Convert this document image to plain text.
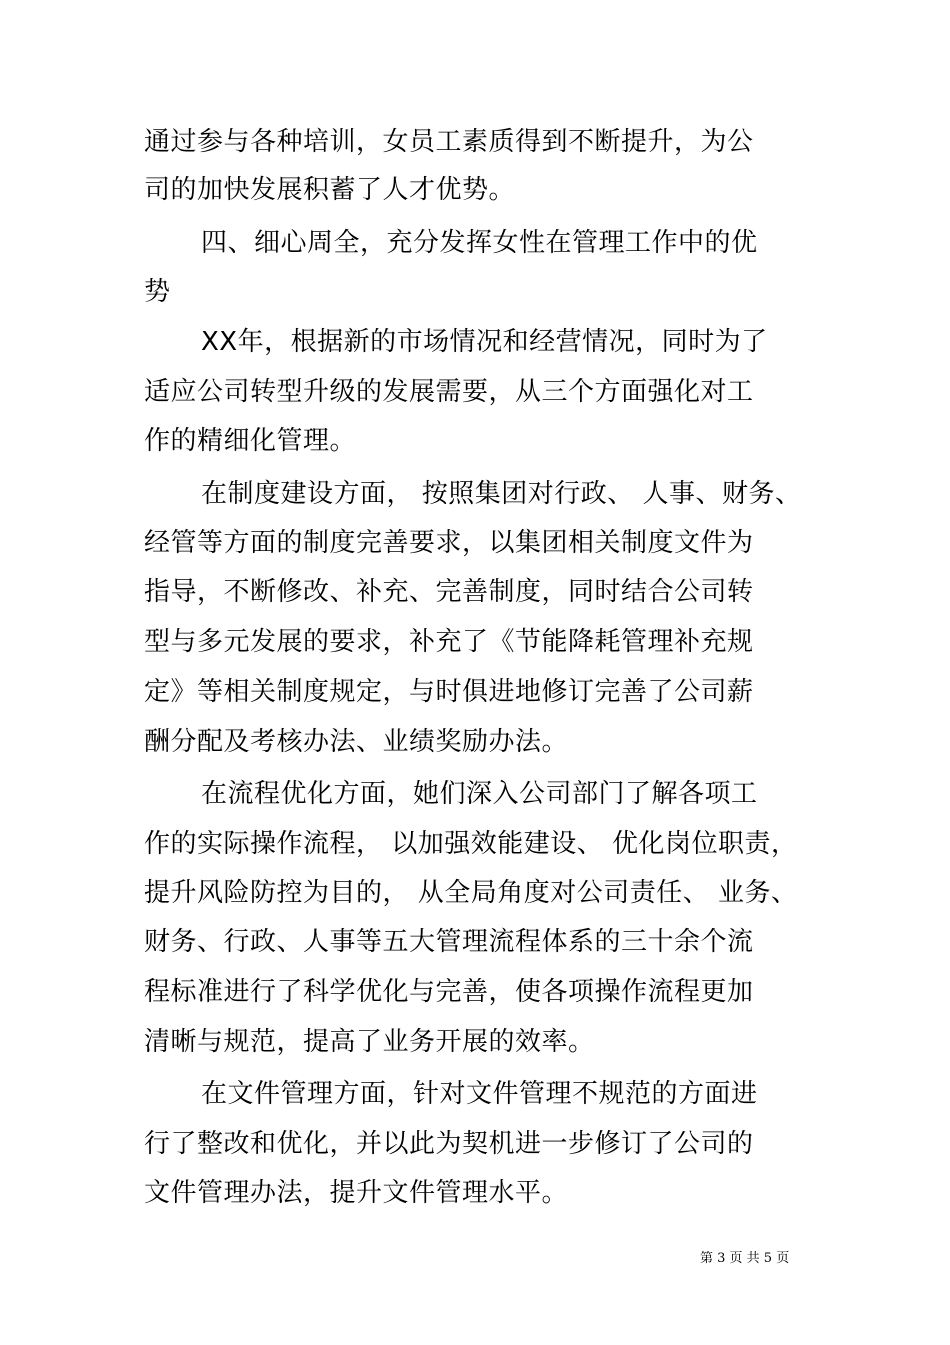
通过参与各种培训，女员工素质得到不断提升，为公
司的加快发展积蓄了人才优势。
四、细心周全，充分发挥女性在管理工作中的优
势
XX年，根据新的市场情况和经营情况，同时为了
适应公司转型升级的发展需要，从三个方面强化对工
作的精细化管理。
在制度建设方面， 按照集团对行政、 人事、财务、
经管等方面的制度完善要求，以集团相关制度文件为
指导，不断修改、补充、完善制度，同时结合公司转
型与多元发展的要求，补充了《节能降耗管理补充规
定》等相关制度规定，与时俱进地修订完善了公司薪
酬分配及考核办法、业绩奖励办法。
在流程优化方面，她们深入公司部门了解各项工
作的实际操作流程， 以加强效能建设、 优化岗位职责，
提升风险防控为目的， 从全局角度对公司责任、 业务、
财务、行政、人事等五大管理流程体系的三十余个流
程标准进行了科学优化与完善，使各项操作流程更加
清晰与规范，提高了业务开展的效率。
在文件管理方面，针对文件管理不规范的方面进
行了整改和优化，并以此为契机进一步修订了公司的
文件管理办法，提升文件管理水平。
第 3 页 共 5 页
